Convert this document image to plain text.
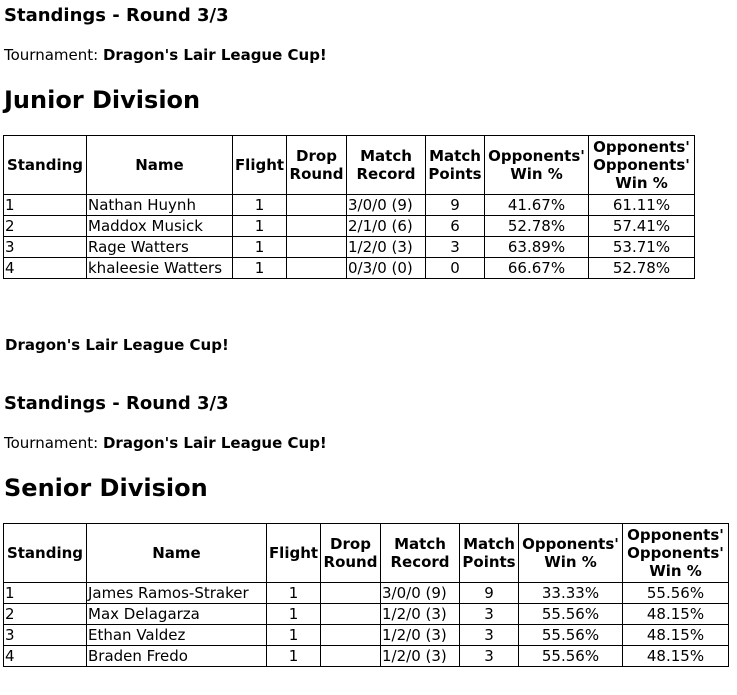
Standings - Round 3/3
Tournament: Dragon's Lair League Cup!
Junior Division
Standing	Name	Flight	Drop Round	Match Record	Match Points	Opponents' Win %	Opponents' Opponents' Win %
1	Nathan Huynh	1		3/0/0 (9)	9	41.67%	61.11%
2	Maddox Musick	1		2/1/0 (6)	6	52.78%	57.41%
3	Rage Watters	1		1/2/0 (3)	3	63.89%	53.71%
4	khaleesie Watters	1		0/3/0 (0)	0	66.67%	52.78%
Dragon's Lair League Cup!
Standings - Round 3/3
Tournament: Dragon's Lair League Cup!
Senior Division
Standing	Name	Flight	Drop Round	Match Record	Match Points	Opponents' Win %	Opponents' Opponents' Win %
1	James Ramos-Straker	1		3/0/0 (9)	9	33.33%	55.56%
2	Max Delagarza	1		1/2/0 (3)	3	55.56%	48.15%
3	Ethan Valdez	1		1/2/0 (3)	3	55.56%	48.15%
4	Braden Fredo	1		1/2/0 (3)	3	55.56%	48.15%
